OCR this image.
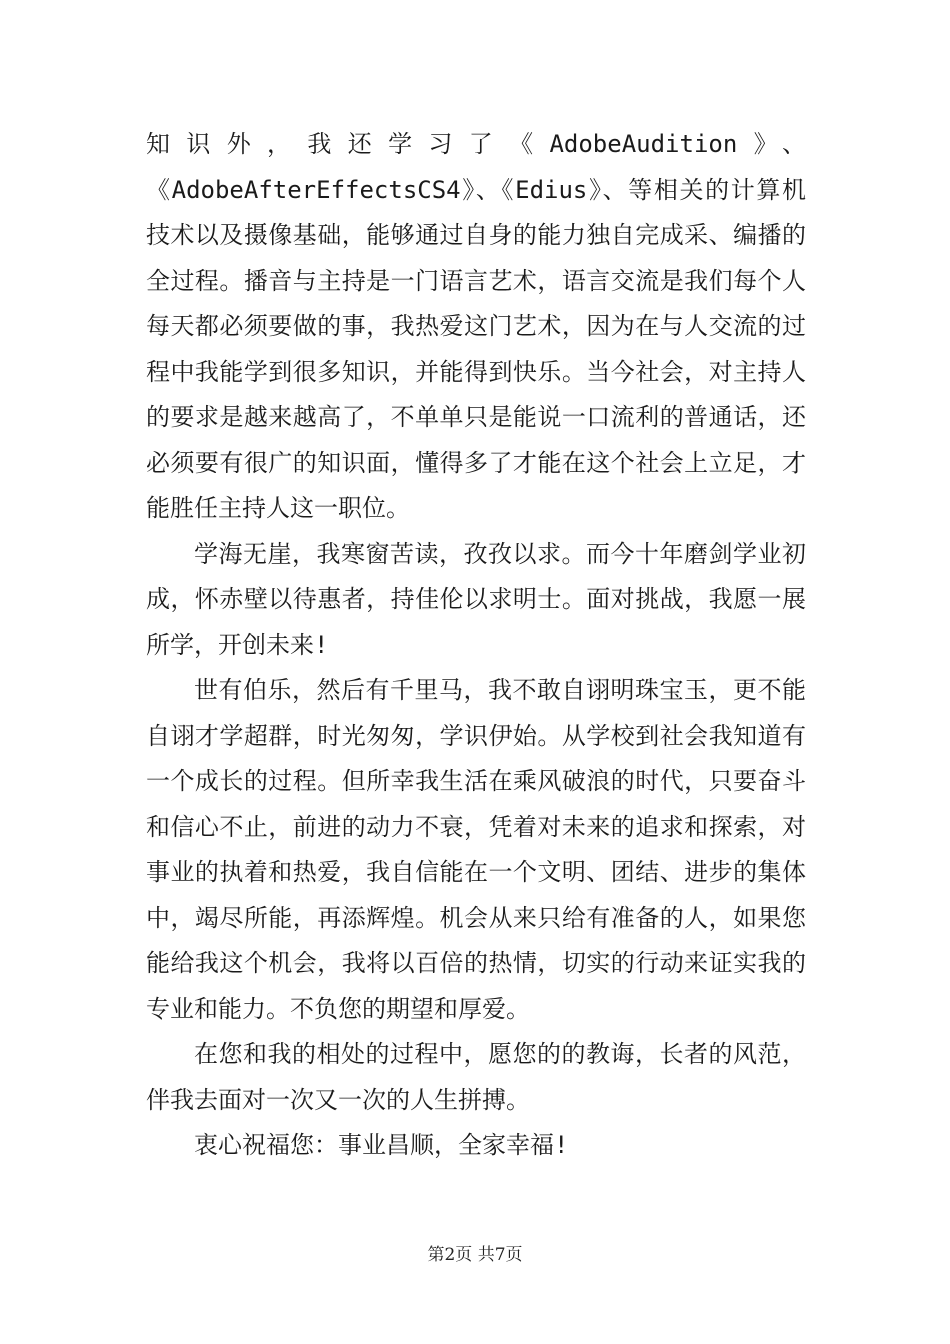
知识外，我还学习了《AdobeAudition》、《AdobeAfterEffectsCS4》、《Edius》、等相关的计算机技术以及摄像基础，能够通过自身的能力独自完成采、编播的全过程。播音与主持是一门语言艺术，语言交流是我们每个人每天都必须要做的事，我热爱这门艺术，因为在与人交流的过程中我能学到很多知识，并能得到快乐。当今社会，对主持人的要求是越来越高了，不单单只是能说一口流利的普通话，还必须要有很广的知识面，懂得多了才能在这个社会上立足，才能胜任主持人这一职位。

学海无崖，我寒窗苦读，孜孜以求。而今十年磨剑学业初成，怀赤壁以待惠者，持佳伦以求明士。面对挑战，我愿一展所学，开创未来!

世有伯乐，然后有千里马，我不敢自诩明珠宝玉，更不能自诩才学超群，时光匆匆，学识伊始。从学校到社会我知道有一个成长的过程。但所幸我生活在乘风破浪的时代，只要奋斗和信心不止，前进的动力不衰，凭着对未来的追求和探索，对事业的执着和热爱，我自信能在一个文明、团结、进步的集体中，竭尽所能，再添辉煌。机会从来只给有准备的人，如果您能给我这个机会，我将以百倍的热情，切实的行动来证实我的专业和能力。不负您的期望和厚爱。

在您和我的相处的过程中，愿您的的教诲，长者的风范，伴我去面对一次又一次的人生拼搏。

衷心祝福您：事业昌顺，全家幸福!

第2页 共7页
